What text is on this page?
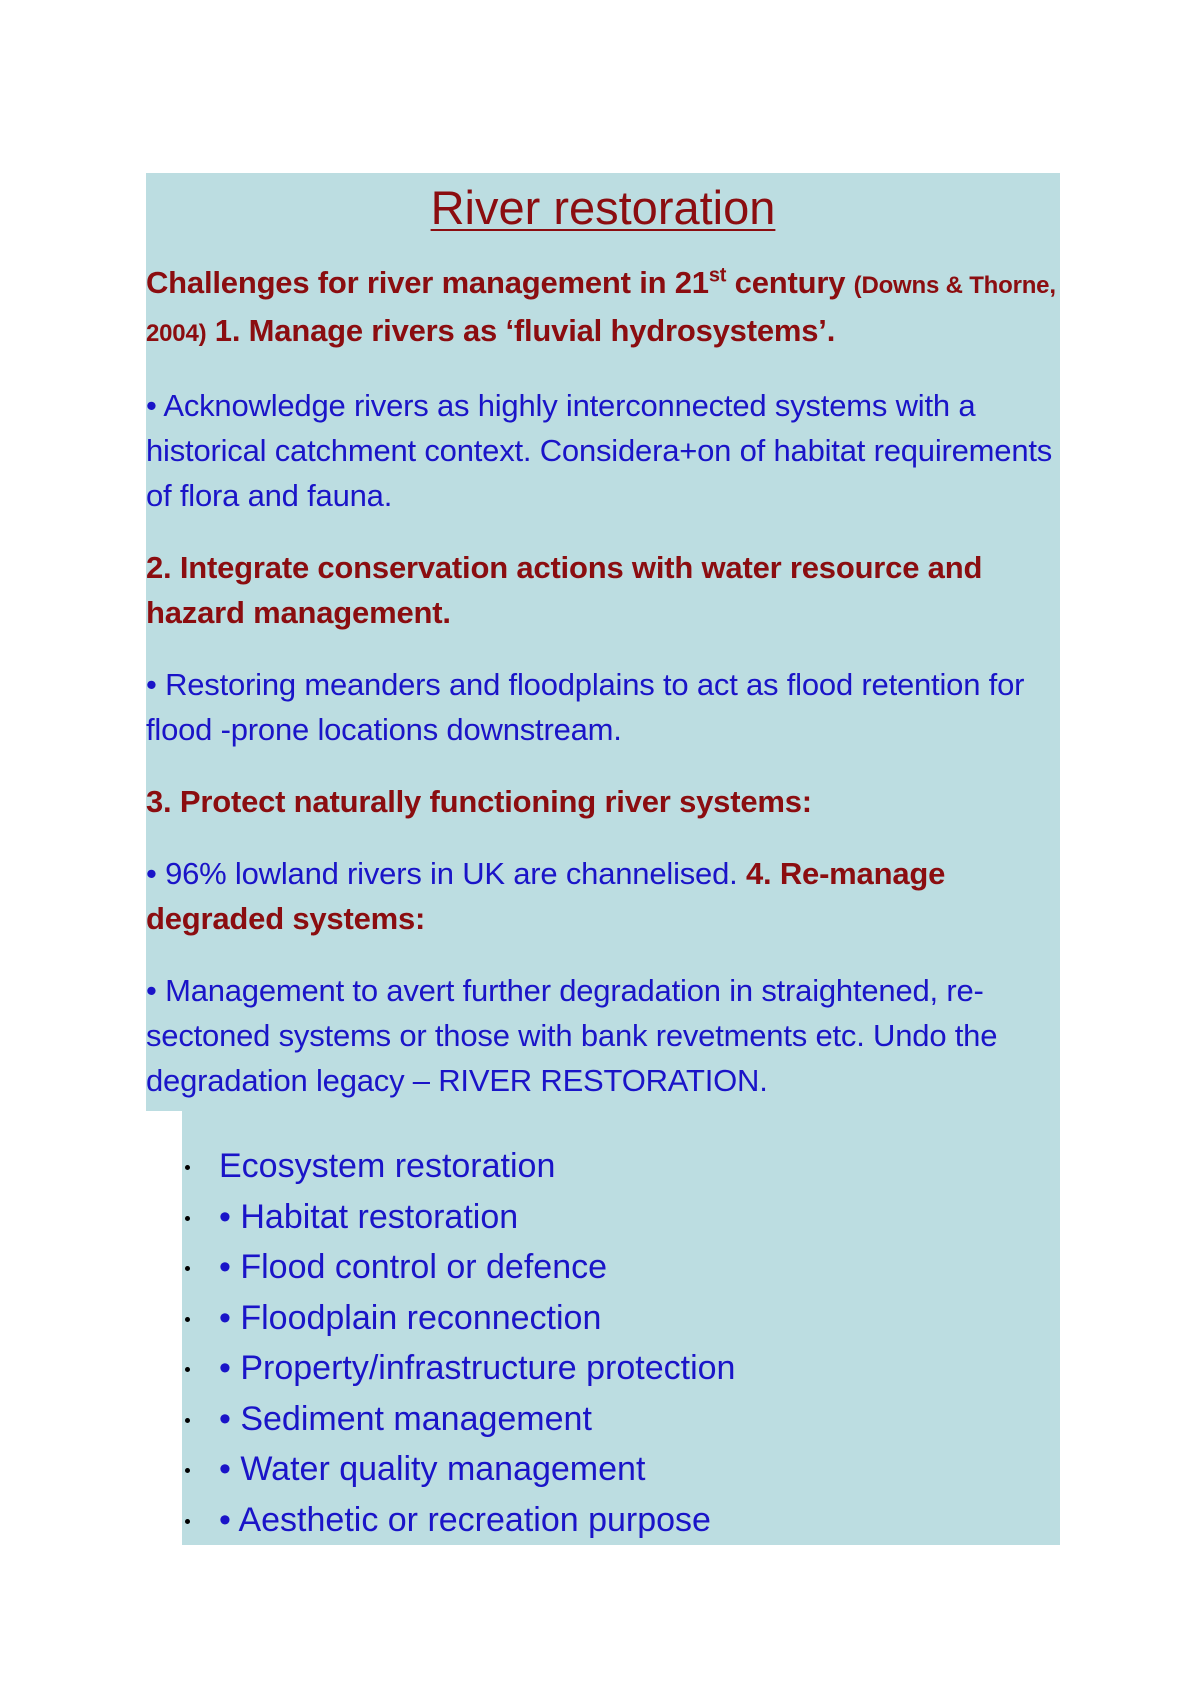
River restoration

Challenges for river management in 21st century (Downs & Thorne, 2004) 1. Manage rivers as ‘fluvial hydrosystems’.

• Acknowledge rivers as highly interconnected systems with a historical catchment context. Considera+on of habitat requirements of flora and fauna.

2. Integrate conservation actions with water resource and hazard management.

• Restoring meanders and floodplains to act as flood retention for flood -prone locations downstream.

3. Protect naturally functioning river systems:

• 96% lowland rivers in UK are channelised. 4. Re-manage degraded systems:

• Management to avert further degradation in straightened, re-sectoned systems or those with bank revetments etc. Undo the degradation legacy – RIVER RESTORATION.

Ecosystem restoration
• Habitat restoration
• Flood control or defence
• Floodplain reconnection
• Property/infrastructure protection
• Sediment management
• Water quality management
• Aesthetic or recreation purpose
